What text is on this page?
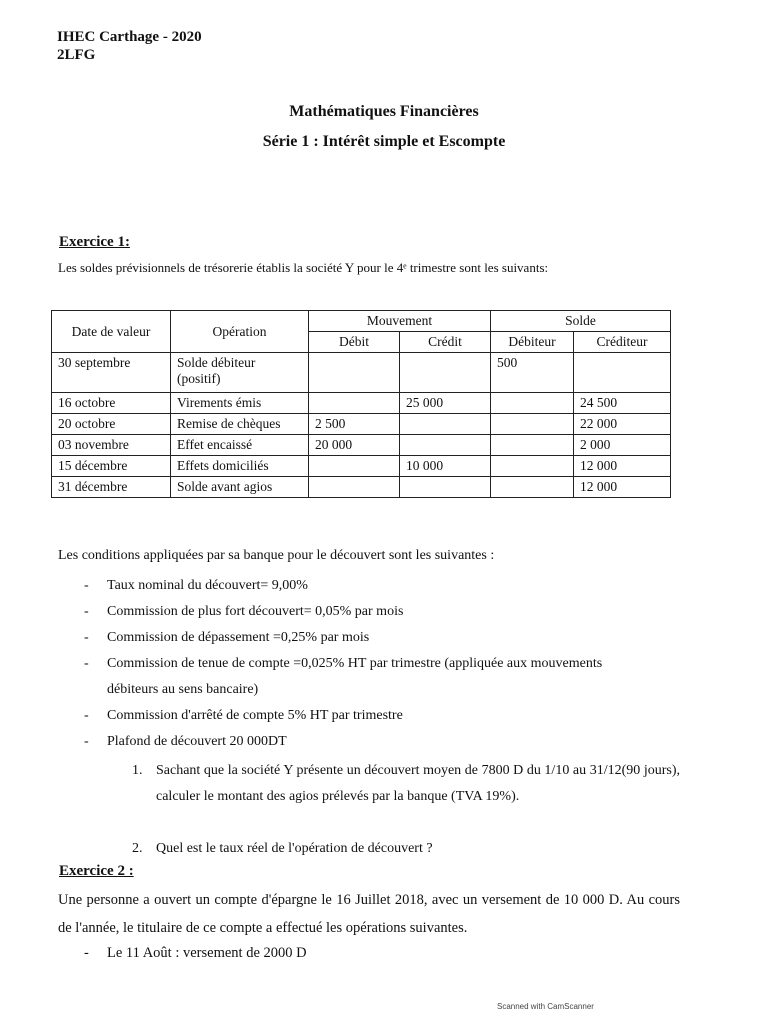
IHEC Carthage - 2020
2LFG
Mathématiques Financières
Série 1 : Intérêt simple et Escompte
Exercice 1:
Les soldes prévisionnels de trésorerie établis la société Y pour le 4ᵉ trimestre sont les suivants:
Date de valeur	Opération	Mouvement		Solde	
		Débit	Crédit	Débiteur	Créditeur
30 septembre	Solde débiteur (positif)			500	
16 octobre	Virements émis		25 000		24 500
20 octobre	Remise de chèques	2 500			22 000
03 novembre	Effet encaissé	20 000			2 000
15 décembre	Effets domiciliés		10 000		12 000
31 décembre	Solde avant agios				12 000
Les conditions appliquées par sa banque pour le découvert sont les suivantes :
- Taux nominal du découvert= 9,00%
- Commission de plus fort découvert= 0,05% par mois
- Commission de dépassement =0,25% par mois
- Commission de tenue de compte =0,025% HT par trimestre (appliquée aux mouvements débiteurs au sens bancaire)
- Commission d'arrêté de compte 5% HT par trimestre
- Plafond de découvert 20 000DT
1. Sachant que la société Y présente un découvert moyen de 7800 D du 1/10 au 31/12(90 jours), calculer le montant des agios prélevés par la banque (TVA 19%).
2. Quel est le taux réel de l'opération de découvert ?
Exercice 2 :
Une personne a ouvert un compte d'épargne le 16 Juillet 2018, avec un versement de 10 000 D. Au cours de l'année, le titulaire de ce compte a effectué les opérations suivantes.
- Le 11 Août : versement de 2000 D
Scanned with CamScanner
